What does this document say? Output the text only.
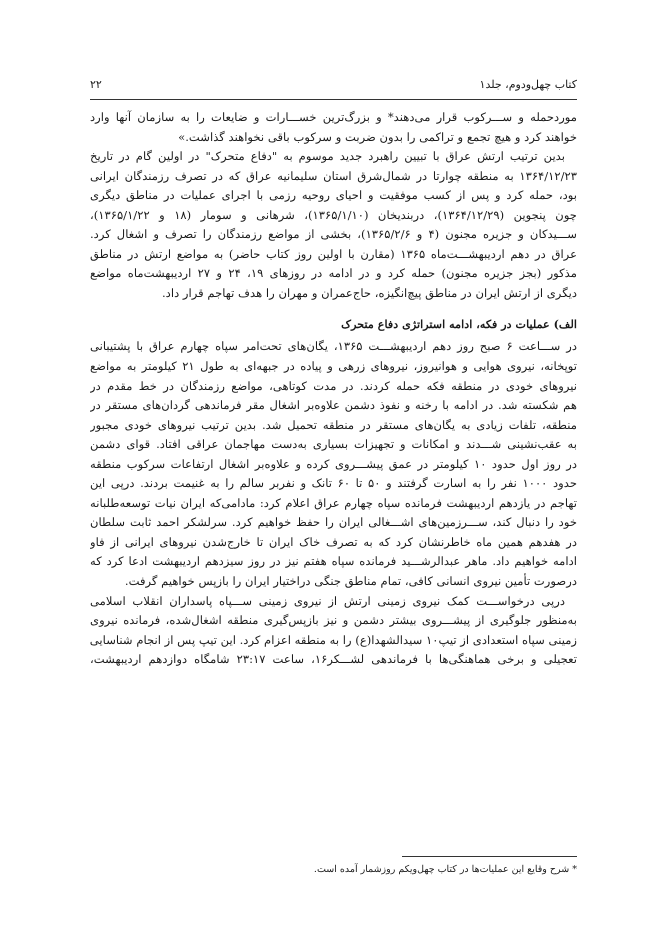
کتاب چهل‌ودوم، جلد۱
۲۲
موردحمله و ســـرکوب قرار می‌دهند* و بزرگ‌ترین خســـارات و ضایعات را به سازمان آنها وارد
خواهند کرد و هیچ تجمع و تراکمی را بدون ضربت و سرکوب باقی نخواهند گذاشت.»
بدین ترتیب ارتش عراق با تبیین راهبرد جدید موسوم به "دفاع متحرک" در اولین گام در تاریخ
۱۳۶۴/۱۲/۲۳ به منطقه چوارتا در شمال‌شرق استان سلیمانیه عراق که در تصرف رزمندگان ایرانی
بود، حمله کرد و پس از کسب موفقیت و احیای روحیه رزمی با اجرای عملیات در مناطق دیگری
چون پنجوین (۱۳۶۴/۱۲/۲۹)، دربندیخان (۱۳۶۵/۱/۱۰)، شرهانی و سومار (۱۸ و ۱۳۶۵/۱/۲۲)،
ســـیدکان و جزیره مجنون (۴ و ۱۳۶۵/۲/۶)، بخشی از مواضع رزمندگان را تصرف و اشغال کرد.
عراق در دهم اردیبهشـــت‌ماه ۱۳۶۵ (مقارن با اولین روز کتاب حاضر) به مواضع ارتش در مناطق
مذکور (بجز جزیره مجنون) حمله کرد و در ادامه در روزهای ۱۹، ۲۴ و ۲۷ اردیبهشت‌ماه مواضع
دیگری از ارتش ایران در مناطق پیچ‌انگیزه، حاج‌عمران و مهران را هدف تهاجم قرار داد.
الف) عملیات در فکه، ادامه استراتژی دفاع متحرک
در ســـاعت ۶ صبح روز دهم اردیبهشـــت ۱۳۶۵، یگان‌های تحت‌امر سپاه چهارم عراق با پشتیبانی
توپخانه، نیروی هوایی و هوانیروز، نیروهای زرهی و پیاده در جبهه‌ای به طول ۲۱ کیلومتر به مواضع
نیروهای خودی در منطقه فکه حمله کردند. در مدت کوتاهی، مواضع رزمندگان در خط مقدم در
هم شکسته شد. در ادامه با رخنه و نفوذ دشمن علاوه‌بر اشغال مقر فرماندهی گردان‌های مستقر در
منطقه، تلفات زیادی به یگان‌های مستقر در منطقه تحمیل شد. بدین ترتیب نیروهای خودی مجبور
به عقب‌نشینی شـــدند و امکانات و تجهیزات بسیاری به‌دست مهاجمان عراقی افتاد. قوای دشمن
در روز اول حدود ۱۰ کیلومتر در عمق پیشـــروی کرده و علاوه‌بر اشغال ارتفاعات سرکوب منطقه
حدود ۱۰۰۰ نفر را به اسارت گرفتند و ۵۰ تا ۶۰ تانک و نفربر سالم را به غنیمت بردند. درپی این
تهاجم در یازدهم اردیبهشت فرمانده سپاه چهارم عراق اعلام کرد: مادامی‌که ایران نیات توسعه‌طلبانه
خود را دنبال کند، ســـرزمین‌های اشـــغالی ایران را حفظ خواهیم کرد. سرلشکر احمد ثابت سلطان
در هفدهم همین ماه خاطرنشان کرد که به تصرف خاک ایران تا خارج‌شدن نیروهای ایرانی از فاو
ادامه خواهیم داد. ماهر عبدالرشـــید فرمانده سپاه هفتم نیز در روز سیزدهم اردیبهشت ادعا کرد که
درصورت تأمین نیروی انسانی کافی، تمام مناطق جنگی دراختیار ایران را بازپس خواهیم گرفت.
درپی درخواســـت کمک نیروی زمینی ارتش از نیروی زمینی ســـپاه پاسداران انقلاب اسلامی
به‌منظور جلوگیری از پیشـــروی بیشتر دشمن و نیز بازپس‌گیری منطقه اشغال‌شده، فرمانده نیروی
زمینی سپاه استعدادی از تیپ۱۰ سیدالشهدا(ع) را به منطقه اعزام کرد. این تیپ پس از انجام شناسایی
تعجیلی و برخی هماهنگی‌ها با فرماندهی لشـــکر۱۶، ساعت ۲۳:۱۷ شامگاه دوازدهم اردیبهشت،
* شرح وقایع این عملیات‌ها در کتاب چهل‌ویکم روزشمار آمده است.
